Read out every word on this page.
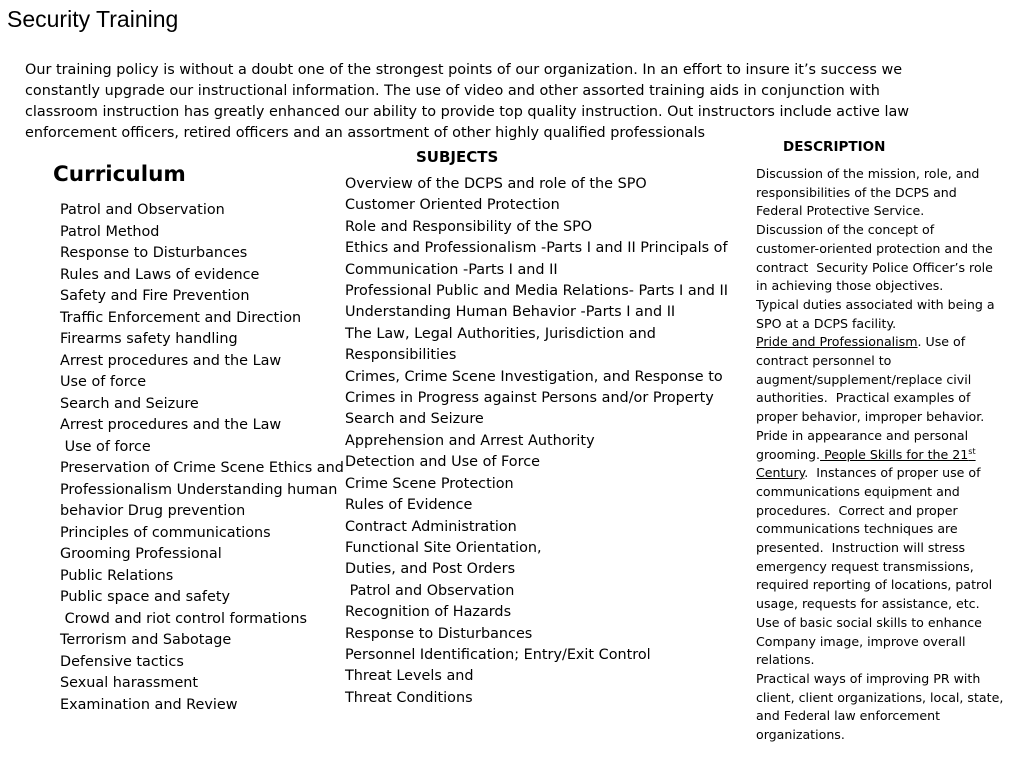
Security Training
Our training policy is without a doubt one of the strongest points of our organization. In an effort to insure it’s success we
constantly upgrade our instructional information. The use of video and other assorted training aids in conjunction with
classroom instruction has greatly enhanced our ability to provide top quality instruction. Out instructors include active law
enforcement officers, retired officers and an assortment of other highly qualified professionals
Curriculum
Patrol and Observation
Patrol Method
Response to Disturbances
Rules and Laws of evidence
Safety and Fire Prevention
Traffic Enforcement and Direction
Firearms safety handling
Arrest procedures and the Law
Use of force
Search and Seizure
Arrest procedures and the Law
Use of force
Preservation of Crime Scene Ethics and
Professionalism Understanding human
behavior Drug prevention
Principles of communications
Grooming Professional
Public Relations
Public space and safety
Crowd and riot control formations
Terrorism and Sabotage
Defensive tactics
Sexual harassment
Examination and Review
SUBJECTS
Overview of the DCPS and role of the SPO
Customer Oriented Protection
Role and Responsibility of the SPO
Ethics and Professionalism -Parts I and II Principals of
Communication -Parts I and II
Professional Public and Media Relations- Parts I and II
Understanding Human Behavior -Parts I and II
The Law, Legal Authorities, Jurisdiction and
Responsibilities
Crimes, Crime Scene Investigation, and Response to
Crimes in Progress against Persons and/or Property
Search and Seizure
Apprehension and Arrest Authority
Detection and Use of Force
Crime Scene Protection
Rules of Evidence
Contract Administration
Functional Site Orientation,
Duties, and Post Orders
Patrol and Observation
Recognition of Hazards
Response to Disturbances
Personnel Identification; Entry/Exit Control
Threat Levels and
Threat Conditions
DESCRIPTION
Discussion of the mission, role, and
responsibilities of the DCPS and
Federal Protective Service.
Discussion of the concept of
customer-oriented protection and the
contract  Security Police Officer’s role
in achieving those objectives.
Typical duties associated with being a
SPO at a DCPS facility.
Pride and Professionalism. Use of
contract personnel to
augment/supplement/replace civil
authorities.  Practical examples of
proper behavior, improper behavior.
Pride in appearance and personal
grooming. People Skills for the 21st
Century.  Instances of proper use of
communications equipment and
procedures.  Correct and proper
communications techniques are
presented.  Instruction will stress
emergency request transmissions,
required reporting of locations, patrol
usage, requests for assistance, etc.
Use of basic social skills to enhance
Company image, improve overall
relations.
Practical ways of improving PR with
client, client organizations, local, state,
and Federal law enforcement
organizations.
